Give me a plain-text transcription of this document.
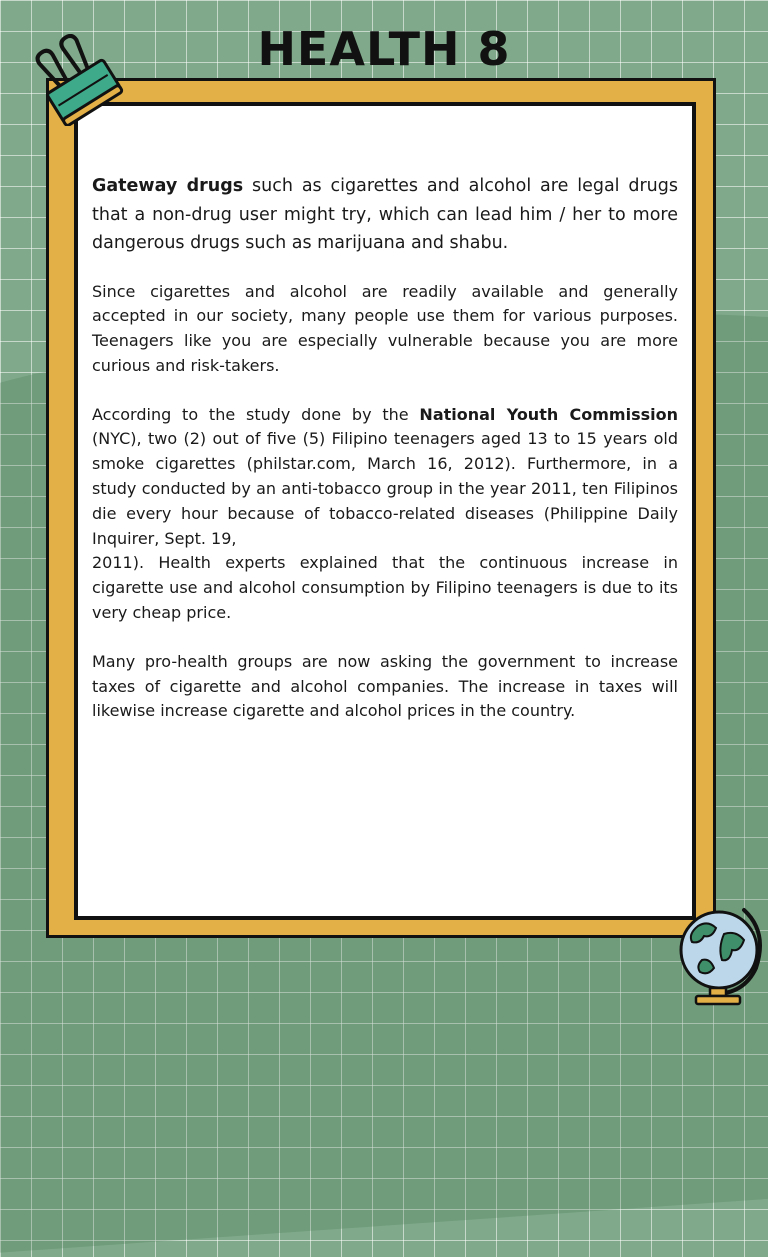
HEALTH 8

Gateway drugs such as cigarettes and alcohol are legal drugs that a non-drug user might try, which can lead him / her to more dangerous drugs such as marijuana and shabu.

Since cigarettes and alcohol are readily available and generally accepted in our society, many people use them for various purposes. Teenagers like you are especially vulnerable because you are more curious and risk-takers.

According to the study done by the National Youth Commission (NYC), two (2) out of five (5) Filipino teenagers aged 13 to 15 years old smoke cigarettes (philstar.com, March 16, 2012). Furthermore, in a study conducted by an anti-tobacco group in the year 2011, ten Filipinos die every hour because of tobacco-related diseases (Philippine Daily Inquirer, Sept. 19,
2011). Health experts explained that the continuous increase in cigarette use and alcohol consumption by Filipino teenagers is due to its very cheap price.

Many pro-health groups are now asking the government to increase taxes of cigarette and alcohol companies. The increase in taxes will likewise increase cigarette and alcohol prices in the country.
